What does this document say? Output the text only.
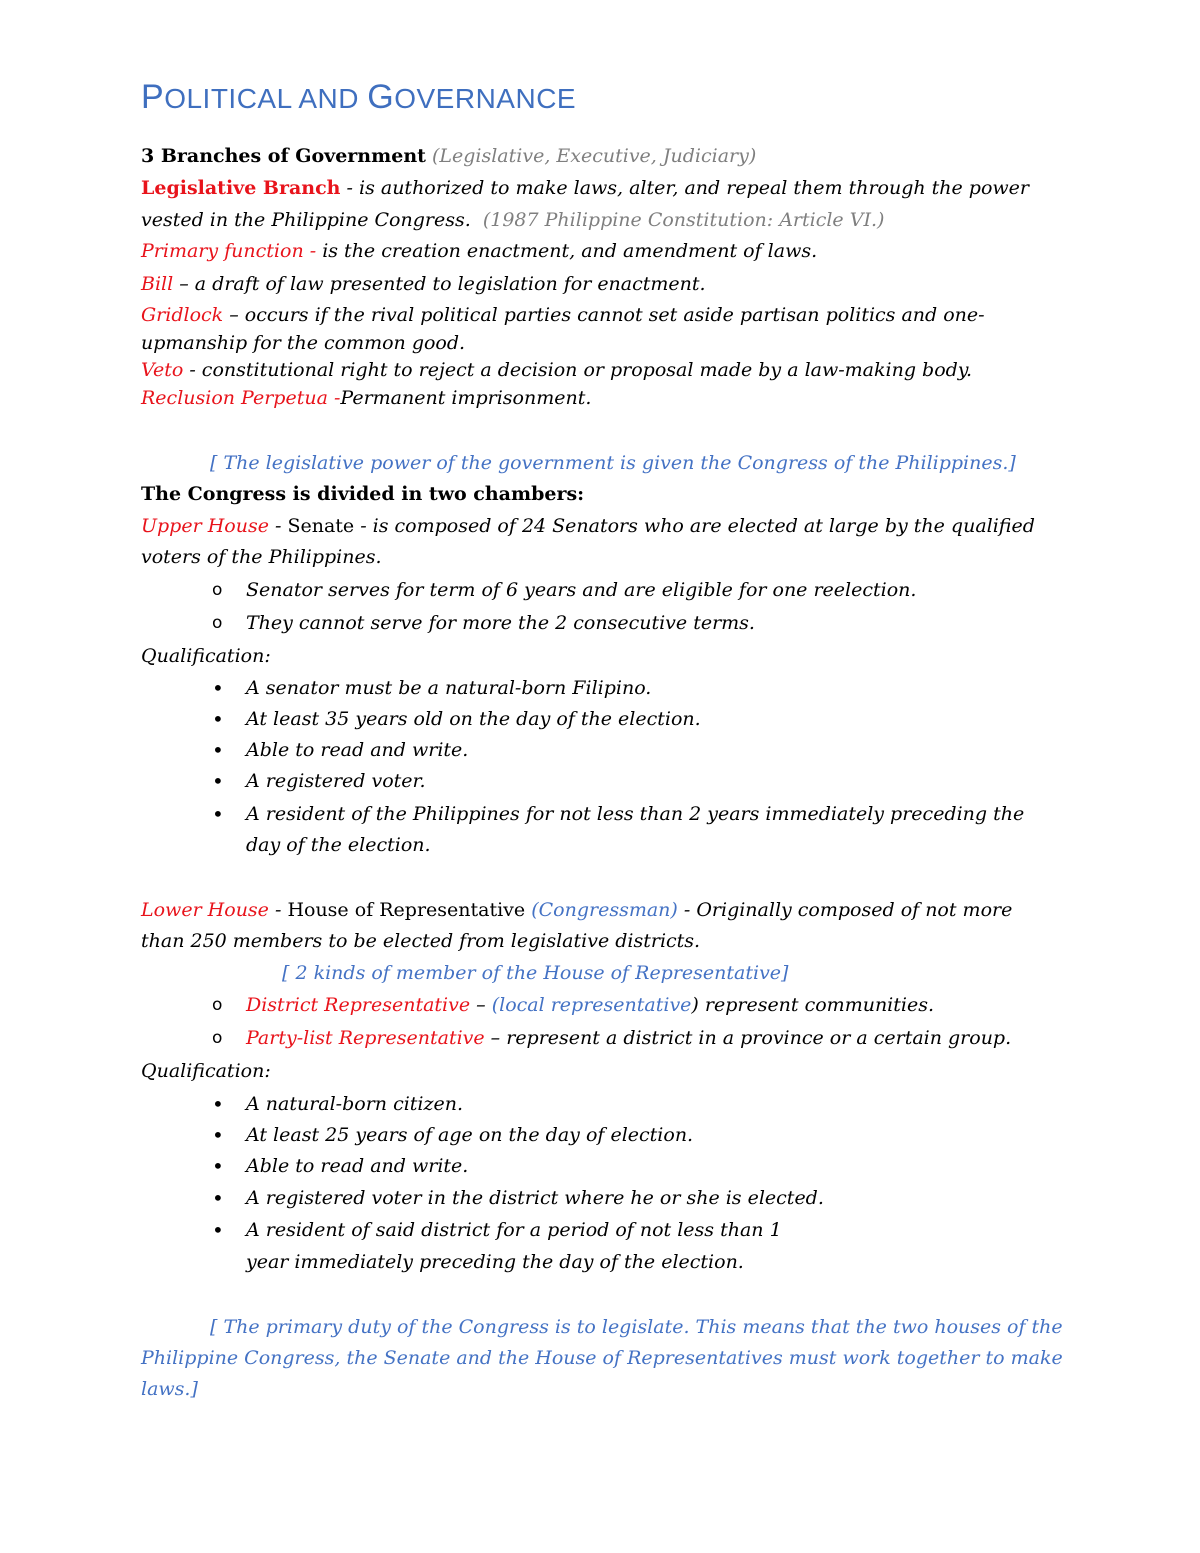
POLITICAL AND GOVERNANCE
3 Branches of Government (Legislative, Executive, Judiciary)
Legislative Branch - is authorized to make laws, alter, and repeal them through the power
vested in the Philippine Congress. (1987 Philippine Constitution: Article VI.)
Primary function - is the creation enactment, and amendment of laws.
Bill – a draft of law presented to legislation for enactment.
Gridlock – occurs if the rival political parties cannot set aside partisan politics and one-
upmanship for the common good.
Veto - constitutional right to reject a decision or proposal made by a law-making body.
Reclusion Perpetua -Permanent imprisonment.
[ The legislative power of the government is given the Congress of the Philippines.]
The Congress is divided in two chambers:
Upper House - Senate - is composed of 24 Senators who are elected at large by the qualified
voters of the Philippines.
o Senator serves for term of 6 years and are eligible for one reelection.
o They cannot serve for more the 2 consecutive terms.
Qualification:
• A senator must be a natural-born Filipino.
• At least 35 years old on the day of the election.
• Able to read and write.
• A registered voter.
• A resident of the Philippines for not less than 2 years immediately preceding the
day of the election.
Lower House - House of Representative (Congressman) - Originally composed of not more
than 250 members to be elected from legislative districts.
[ 2 kinds of member of the House of Representative]
o District Representative – (local representative) represent communities.
o Party-list Representative – represent a district in a province or a certain group.
Qualification:
• A natural-born citizen.
• At least 25 years of age on the day of election.
• Able to read and write.
• A registered voter in the district where he or she is elected.
• A resident of said district for a period of not less than 1
year immediately preceding the day of the election.
[ The primary duty of the Congress is to legislate. This means that the two houses of the
Philippine Congress, the Senate and the House of Representatives must work together to make
laws.]
